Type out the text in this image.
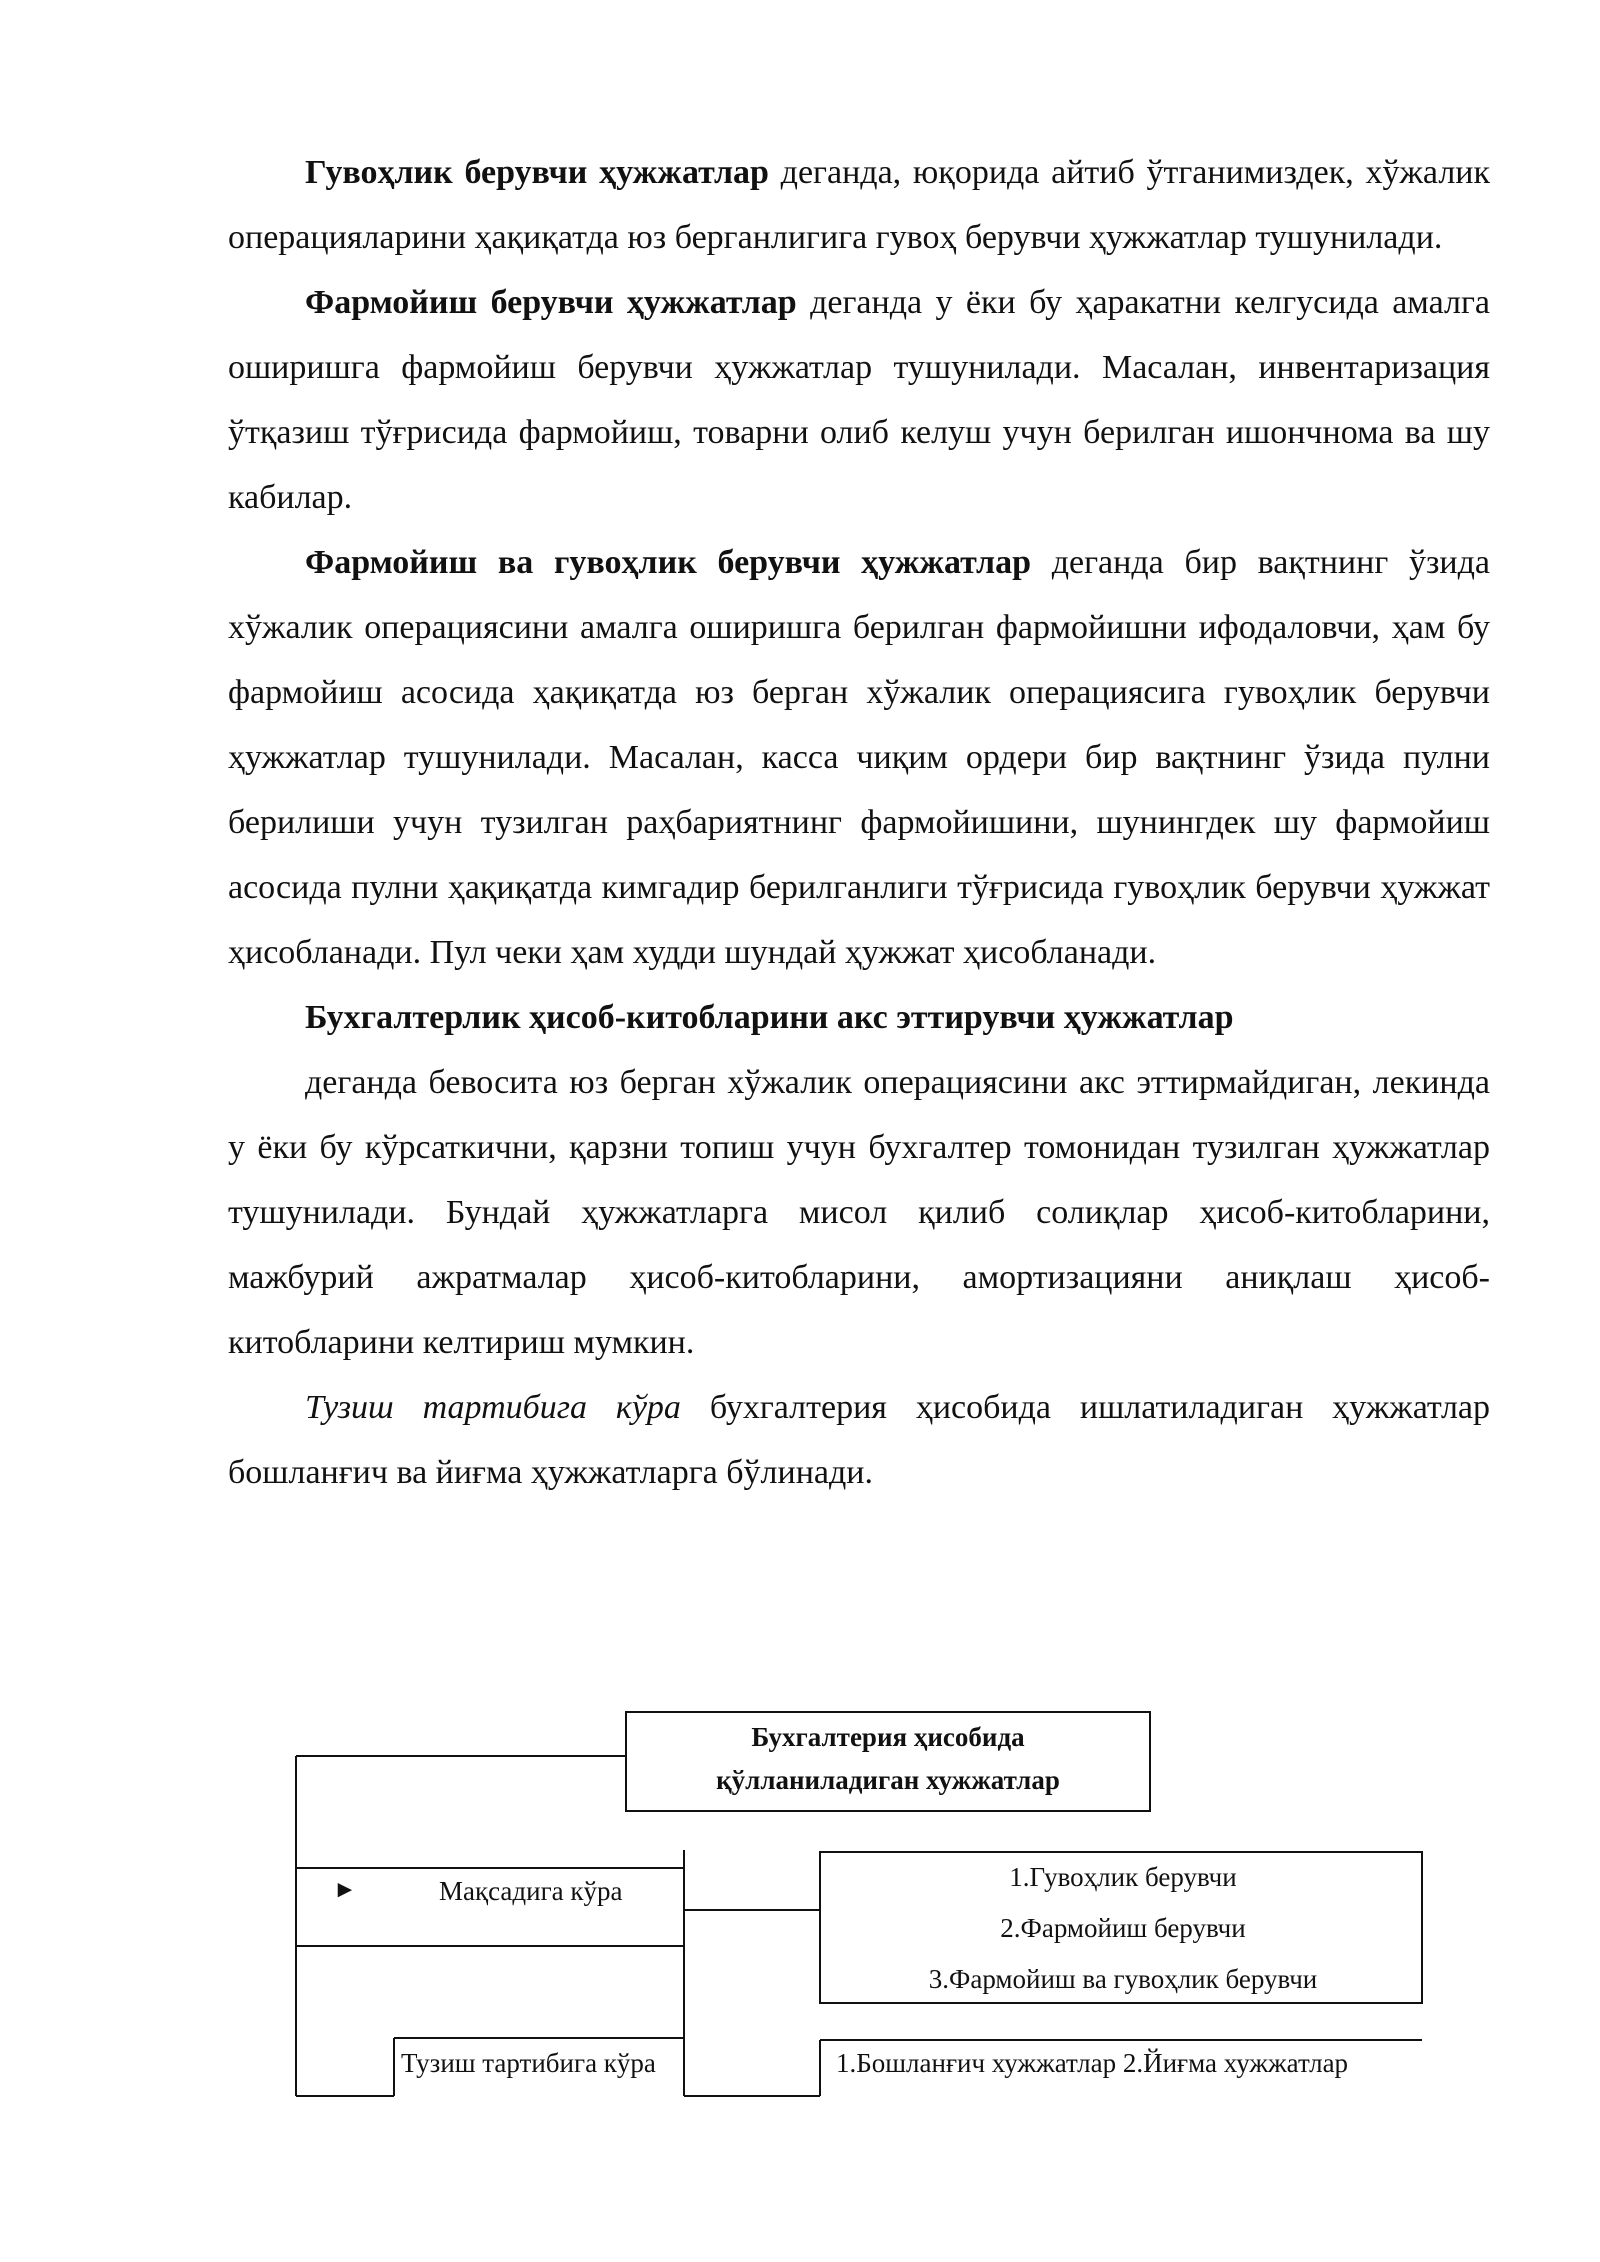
Гувоҳлик берувчи ҳужжатлар деганда, юқорида айтиб ўтганимиздек, хўжалик операцияларини ҳақиқатда юз берганлигига гувоҳ берувчи ҳужжатлар тушунилади.

Фармойиш берувчи ҳужжатлар деганда у ёки бу ҳаракатни келгусида амалга оширишга фармойиш берувчи ҳужжатлар тушунилади. Масалан, инвентаризация ўтқазиш тўғрисида фармойиш, товарни олиб келуш учун берилган ишончнома ва шу кабилар.

Фармойиш ва гувоҳлик берувчи ҳужжатлар деганда бир вақтнинг ўзида хўжалик операциясини амалга оширишга берилган фармойишни ифодаловчи, ҳам бу фармойиш асосида ҳақиқатда юз берган хўжалик операциясига гувоҳлик берувчи ҳужжатлар тушунилади. Масалан, касса чиқим ордери бир вақтнинг ўзида пулни берилиши учун тузилган раҳбариятнинг фармойишини, шунингдек шу фармойиш асосида пулни ҳақиқатда кимгадир берилганлиги тўғрисида гувоҳлик берувчи ҳужжат ҳисобланади. Пул чеки ҳам худди шундай ҳужжат ҳисобланади.

Бухгалтерлик ҳисоб-китобларини акс эттирувчи ҳужжатлар

деганда бевосита юз берган хўжалик операциясини акс эттирмайдиган, лекинда у ёки бу кўрсаткични, қарзни топиш учун бухгалтер томонидан тузилган ҳужжатлар тушунилади. Бундай ҳужжатларга мисол қилиб солиқлар ҳисоб-китобларини, мажбурий ажратмалар ҳисоб-китобларини, амортизацияни аниқлаш ҳисоб-китобларини келтириш мумкин.

Тузиш тартибига кўра бухгалтерия ҳисобида ишлатиладиган ҳужжатлар бошланғич ва йиғма ҳужжатларга бўлинади.

Бухгалтерия ҳисобида
қўлланиладиган хужжатлар
►	Мақсадига кўра	1.Гувоҳлик берувчи
2.Фармойиш берувчи
3.Фармойиш ва гувоҳлик берувчи
Тузиш тартибига кўра	1.Бошланғич хужжатлар 2.Йиғма хужжатлар
